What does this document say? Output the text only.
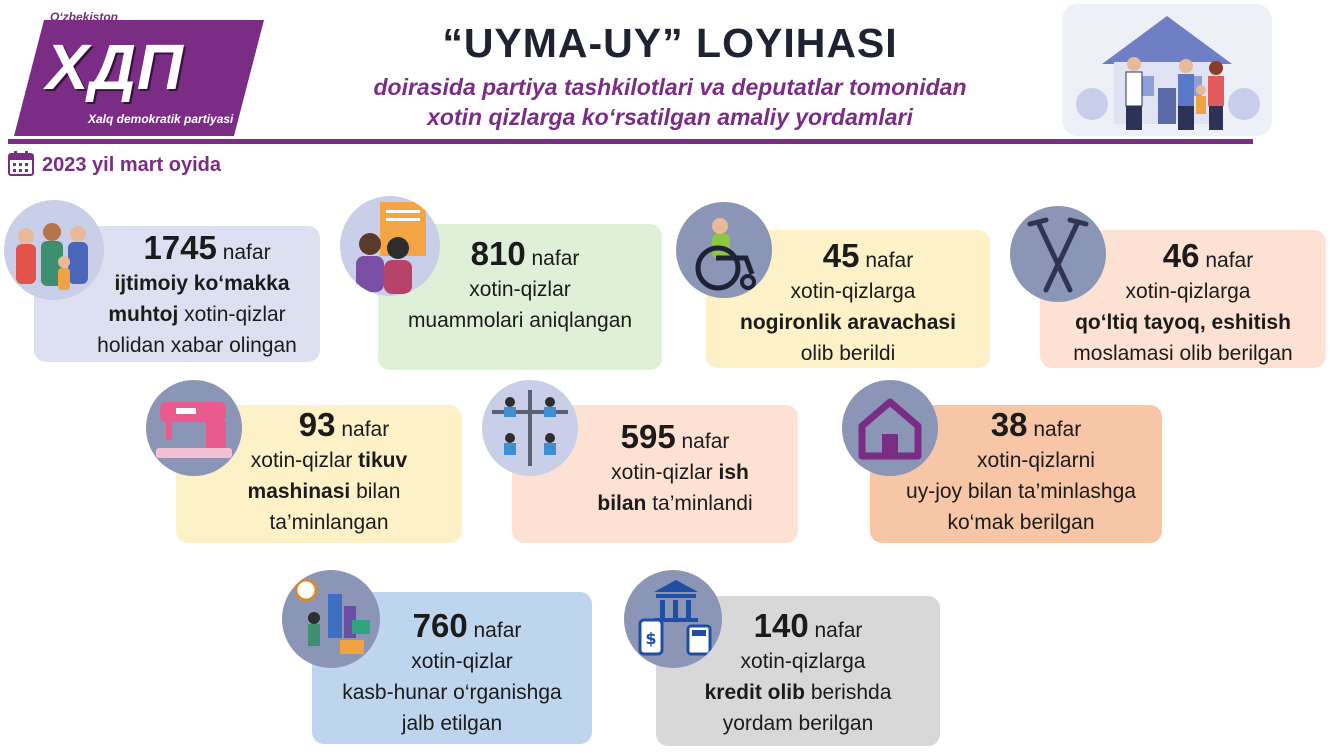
O‘zbekiston
ХДП
Xalq demokratik partiyasi
“UYMA-UY” LOYIHASI
doirasida partiya tashkilotlari va deputatlar tomonidan
xotin qizlarga ko‘rsatilgan amaliy yordamlari
2023 yil mart oyida
1745 nafar
ijtimoiy ko‘makka
muhtoj xotin-qizlar
holidan xabar olingan
810 nafar
xotin-qizlar
muammolari aniqlangan
45 nafar
xotin-qizlarga
nogironlik aravachasi
olib berildi
46 nafar
xotin-qizlarga
qo‘ltiq tayoq, eshitish
moslamasi olib berilgan
93 nafar
xotin-qizlar tikuv
mashinasi bilan
ta’minlangan
595 nafar
xotin-qizlar ish
bilan ta’minlandi
38 nafar
xotin-qizlarni
uy-joy bilan ta’minlashga
ko‘mak berilgan
760 nafar
xotin-qizlar
kasb-hunar o‘rganishga
jalb etilgan
140 nafar
xotin-qizlarga
kredit olib berishda
yordam berilgan
$
